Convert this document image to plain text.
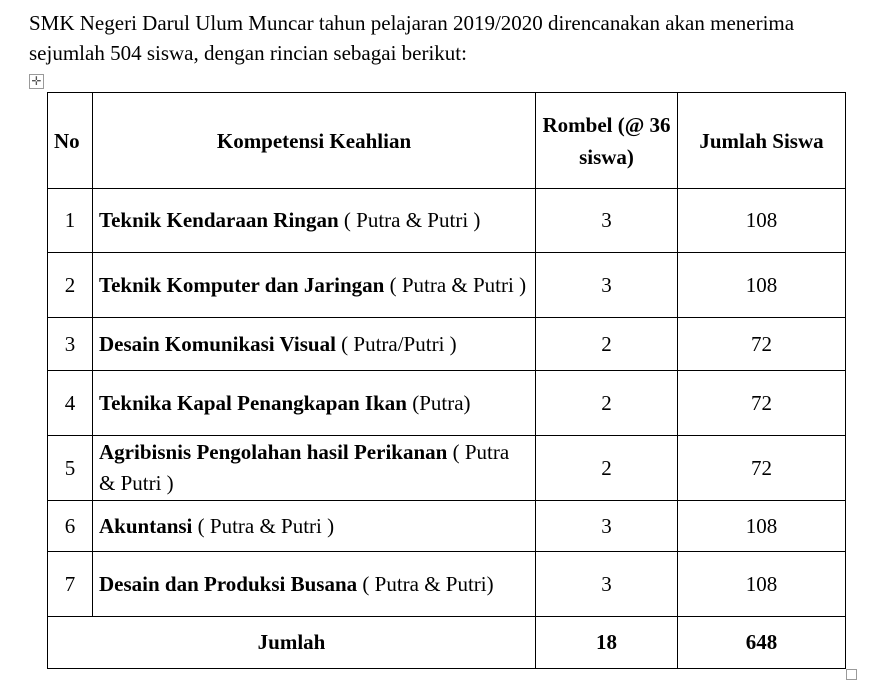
SMK Negeri Darul Ulum Muncar tahun pelajaran 2019/2020 direncanakan akan menerima sejumlah 504 siswa, dengan rincian sebagai berikut:

✛
No	Kompetensi Keahlian	Rombel (@ 36 siswa)	Jumlah Siswa
1	Teknik Kendaraan Ringan ( Putra & Putri )	3	108
2	Teknik Komputer dan Jaringan ( Putra & Putri )	3	108
3	Desain Komunikasi Visual ( Putra/Putri )	2	72
4	Teknika Kapal Penangkapan Ikan (Putra)	2	72
5	Agribisnis Pengolahan hasil Perikanan ( Putra & Putri )	2	72
6	Akuntansi ( Putra & Putri )	3	108
7	Desain dan Produksi Busana ( Putra & Putri)	3	108
Jumlah		18	648
